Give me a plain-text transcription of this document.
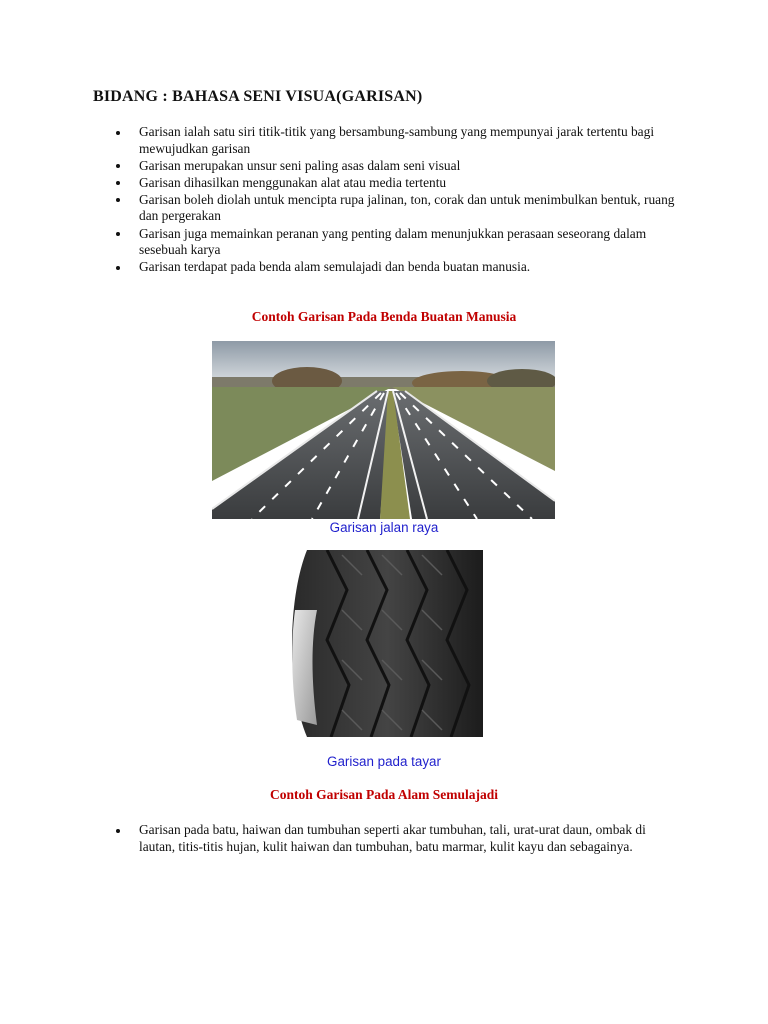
BIDANG : BAHASA SENI VISUA(GARISAN)
Garisan ialah satu siri titik-titik yang bersambung-sambung yang mempunyai jarak tertentu bagi mewujudkan garisan
Garisan merupakan unsur seni paling asas dalam seni visual
Garisan dihasilkan menggunakan alat atau media tertentu
Garisan boleh diolah untuk mencipta rupa jalinan, ton, corak dan untuk menimbulkan bentuk, ruang dan pergerakan
Garisan juga memainkan peranan yang penting dalam menunjukkan perasaan seseorang dalam sesebuah karya
Garisan terdapat pada benda alam semulajadi dan benda buatan manusia.
Contoh Garisan Pada Benda Buatan Manusia
Garisan jalan raya
Garisan pada tayar
Contoh Garisan Pada Alam Semulajadi
Garisan pada batu, haiwan dan tumbuhan seperti akar tumbuhan, tali, urat-urat daun, ombak di lautan, titis-titis hujan, kulit haiwan dan tumbuhan, batu marmar, kulit kayu dan sebagainya.
